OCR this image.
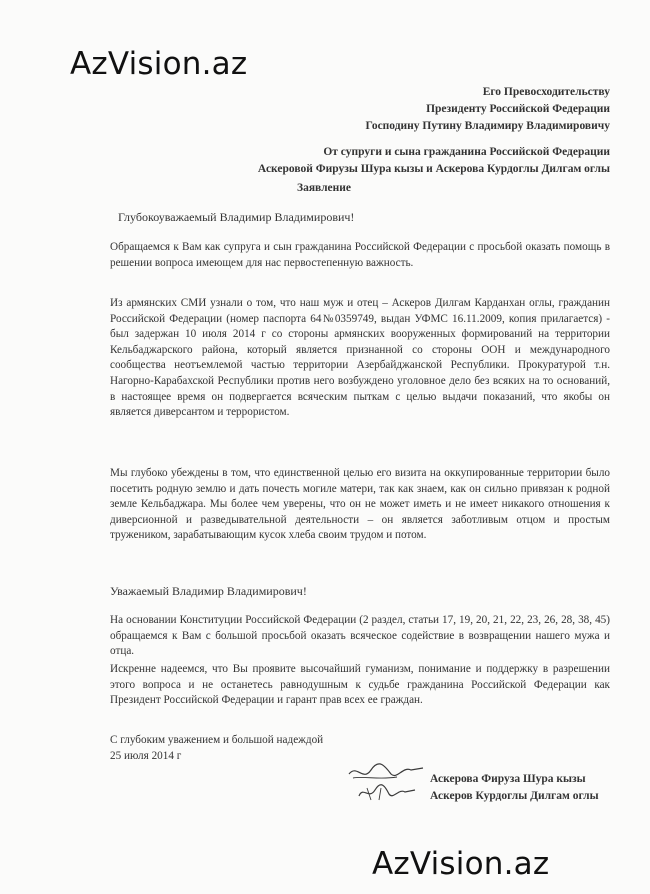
AzVision.az
Его Превосходительству
Президенту Российской Федерации
Господину Путину Владимиру Владимировичу
От супруги и сына гражданина Российской Федерации
Аскеровой Фирузы Шура кызы и Аскерова Курдоглы Дилгам оглы
Заявление
Глубокоуважаемый Владимир Владимирович!
Обращаемся к Вам как супруга и сын гражданина Российской Федерации с просьбой оказать помощь в решении вопроса имеющем для нас первостепенную важность.
Из армянских СМИ узнали о том, что наш муж и отец – Аскеров Дилгам Карданхан оглы, гражданин Российской Федерации (номер паспорта 64№0359749, выдан УФМС 16.11.2009, копия прилагается) - был задержан 10 июля 2014 г со стороны армянских вооруженных формирований на территории Кельбаджарского района, который является признанной со стороны ООН и международного сообщества неотъемлемой частью территории Азербайджанской Республики. Прокуратурой т.н. Нагорно-Карабахской Республики против него возбуждено уголовное дело без всяких на то оснований, в настоящее время он подвергается всяческим пыткам с целью выдачи показаний, что якобы он является диверсантом и террористом.
Мы глубоко убеждены в том, что единственной целью его визита на оккупированные территории было посетить родную землю и дать почесть могиле матери, так как знаем, как он сильно привязан к родной земле Кельбаджара. Мы более чем уверены, что он не может иметь и не имеет никакого отношения к диверсионной и разведывательной деятельности – он является заботливым отцом и простым тружеником, зарабатывающим кусок хлеба своим трудом и потом.
Уважаемый Владимир Владимирович!
На основании Конституции Российской Федерации (2 раздел, статьи 17, 19, 20, 21, 22, 23, 26, 28, 38, 45) обращаемся к Вам с большой просьбой оказать всяческое содействие в возвращении нашего мужа и отца.
Искренне надеемся, что Вы проявите высочайший гуманизм, понимание и поддержку в разрешении этого вопроса и не останетесь равнодушным к судьбе гражданина Российской Федерации как Президент Российской Федерации и гарант прав всех ее граждан.
С глубоким уважением и большой надеждой
25 июля 2014 г
Аскерова Фируза Шура кызы
Аскеров Курдоглы Дилгам оглы
AzVision.az
